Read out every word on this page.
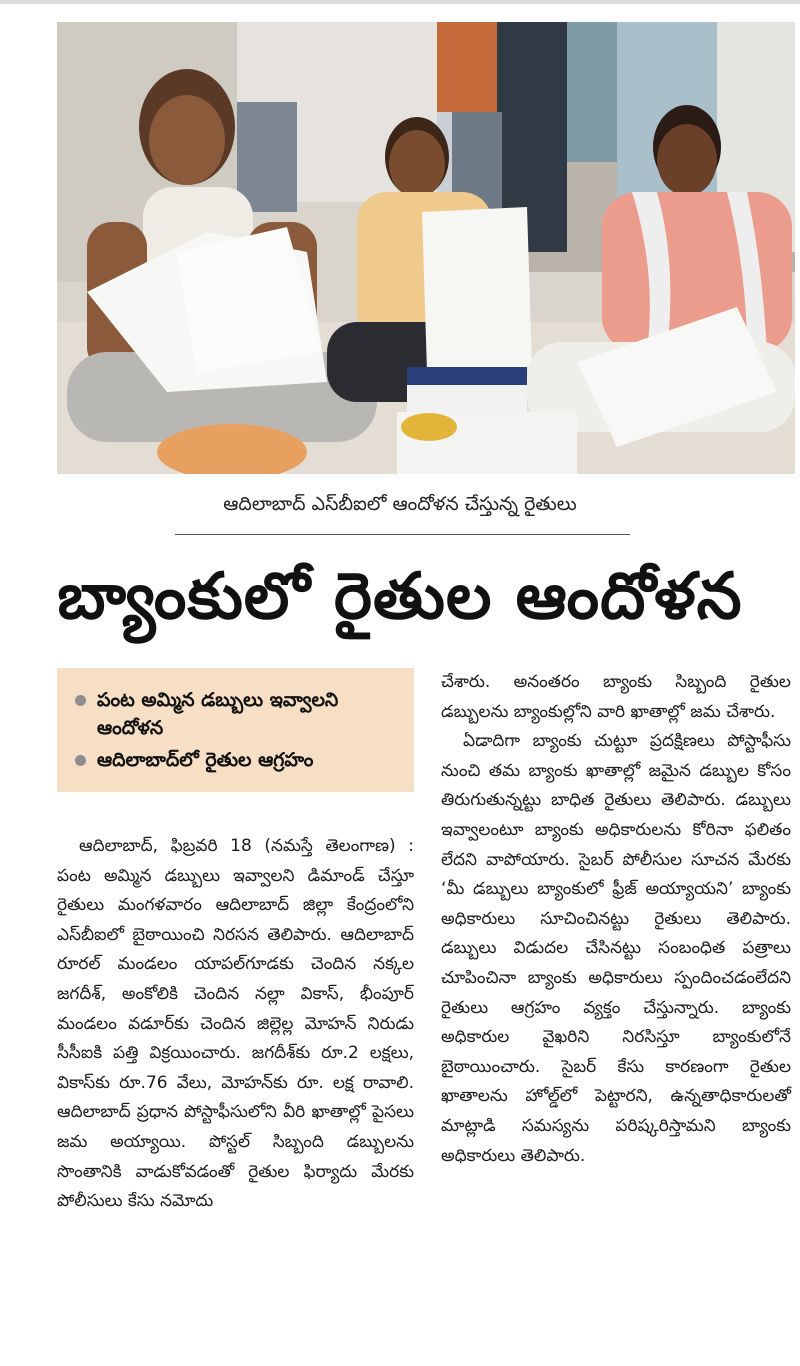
ఆదిలాబాద్ ఎస్‌బీఐలో ఆందోళన చేస్తున్న రైతులు
బ్యాంకులో రైతుల ఆందోళన
పంట అమ్మిన డబ్బులు ఇవ్వాలని ఆందోళన
ఆదిలాబాద్‌లో రైతుల ఆగ్రహం

ఆదిలాబాద్, ఫిబ్రవరి 18 (నమస్తే తెలంగాణ) : పంట అమ్మిన డబ్బులు ఇవ్వాలని డిమాండ్ చేస్తూ రైతులు మంగళవారం ఆదిలాబాద్ జిల్లా కేంద్రంలోని ఎస్‌బీఐలో బైఠాయించి నిరసన తెలిపారు. ఆదిలాబాద్ రూరల్ మండలం యాపల్‌గూడకు చెందిన నక్కల జగదీశ్, అంకోలికి చెందిన నల్లా వికాస్, భీంపూర్ మండలం వడూర్‌కు చెందిన జిల్లెల్ల మోహన్ నిరుడు సీసీఐకి పత్తి విక్రయించారు. జగదీశ్‌కు రూ.2 లక్షలు, వికాస్‌కు రూ.76 వేలు, మోహన్‌కు రూ. లక్ష రావాలి. ఆదిలాబాద్ ప్రధాన పోస్టాఫీసులోని వీరి ఖాతాల్లో పైసలు జమ అయ్యాయి. పోస్టల్ సిబ్బంది డబ్బులను సొంతానికి వాడుకోవడంతో రైతుల ఫిర్యాదు మేరకు పోలీసులు కేసు నమోదు

చేశారు. అనంతరం బ్యాంకు సిబ్బంది రైతుల డబ్బులను బ్యాంకుల్లోని వారి ఖాతాల్లో జమ చేశారు.

ఏడాదిగా బ్యాంకు చుట్టూ ప్రదక్షిణలు పోస్టాఫీసు నుంచి తమ బ్యాంకు ఖాతాల్లో జమైన డబ్బుల కోసం తిరుగుతున్నట్టు బాధిత రైతులు తెలిపారు. డబ్బులు ఇవ్వాలంటూ బ్యాంకు అధికారులను కోరినా ఫలితం లేదని వాపోయారు. సైబర్ పోలీసుల సూచన మేరకు ‘మీ డబ్బులు బ్యాంకులో ఫ్రీజ్ అయ్యాయని’ బ్యాంకు అధికారులు సూచించినట్టు రైతులు తెలిపారు. డబ్బులు విడుదల చేసినట్టు సంబంధిత పత్రాలు చూపించినా బ్యాంకు అధికారులు స్పందించడంలేదని రైతులు ఆగ్రహం వ్యక్తం చేస్తున్నారు. బ్యాంకు అధికారుల వైఖరిని నిరసిస్తూ బ్యాంకులోనే బైఠాయించారు. సైబర్ కేసు కారణంగా రైతుల ఖాతాలను హోల్డ్‌లో పెట్టారని, ఉన్నతాధికారులతో మాట్లాడి సమస్యను పరిష్కరిస్తామని బ్యాంకు అధికారులు తెలిపారు.
